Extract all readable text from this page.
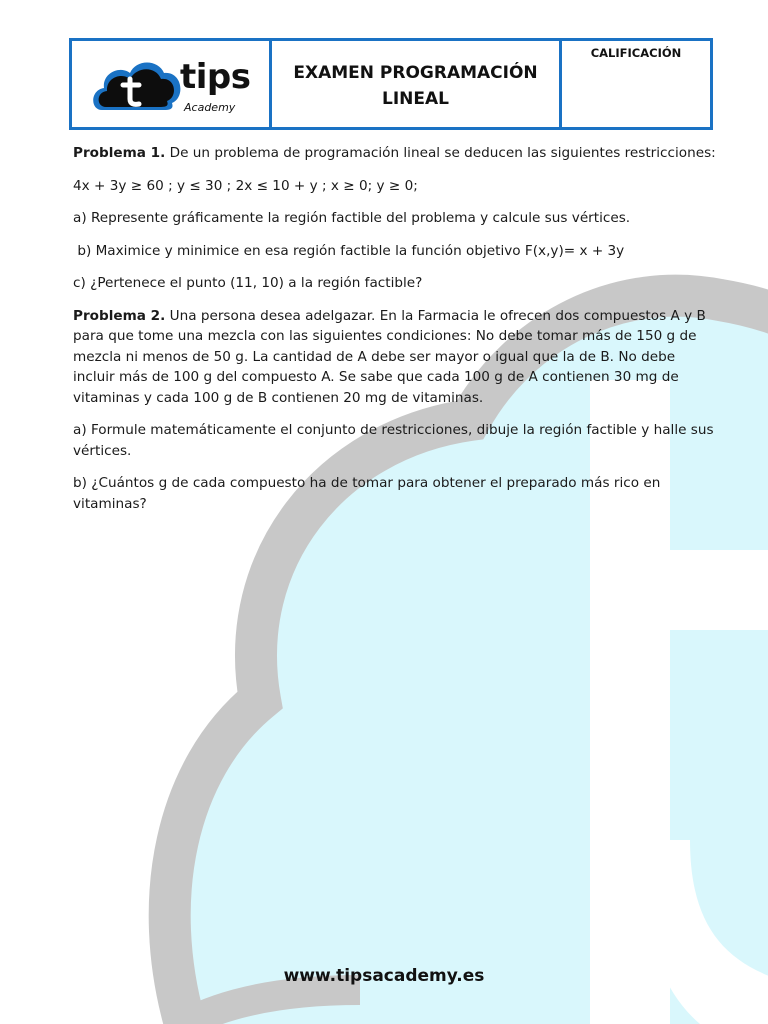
tips
Academy
EXAMEN PROGRAMACIÓN
LINEAL
CALIFICACIÓN

Problema 1. De un problema de programación lineal se deducen las siguientes restricciones:

4x + 3y ≥ 60 ; y ≤ 30 ; 2x ≤ 10 + y ; x ≥ 0; y ≥ 0;

a) Represente gráficamente la región factible del problema y calcule sus vértices.

b) Maximice y minimice en esa región factible la función objetivo F(x,y)= x + 3y

c) ¿Pertenece el punto (11, 10) a la región factible?

Problema 2. Una persona desea adelgazar. En la Farmacia le ofrecen dos compuestos A y B para que tome una mezcla con las siguientes condiciones: No debe tomar más de 150 g de mezcla ni menos de 50 g. La cantidad de A debe ser mayor o igual que la de B. No debe incluir más de 100 g del compuesto A. Se sabe que cada 100 g de A contienen 30 mg de vitaminas y cada 100 g de B contienen 20 mg de vitaminas.

a) Formule matemáticamente el conjunto de restricciones, dibuje la región factible y halle sus vértices.

b) ¿Cuántos g de cada compuesto ha de tomar para obtener el preparado más rico en vitaminas?

www.tipsacademy.es
